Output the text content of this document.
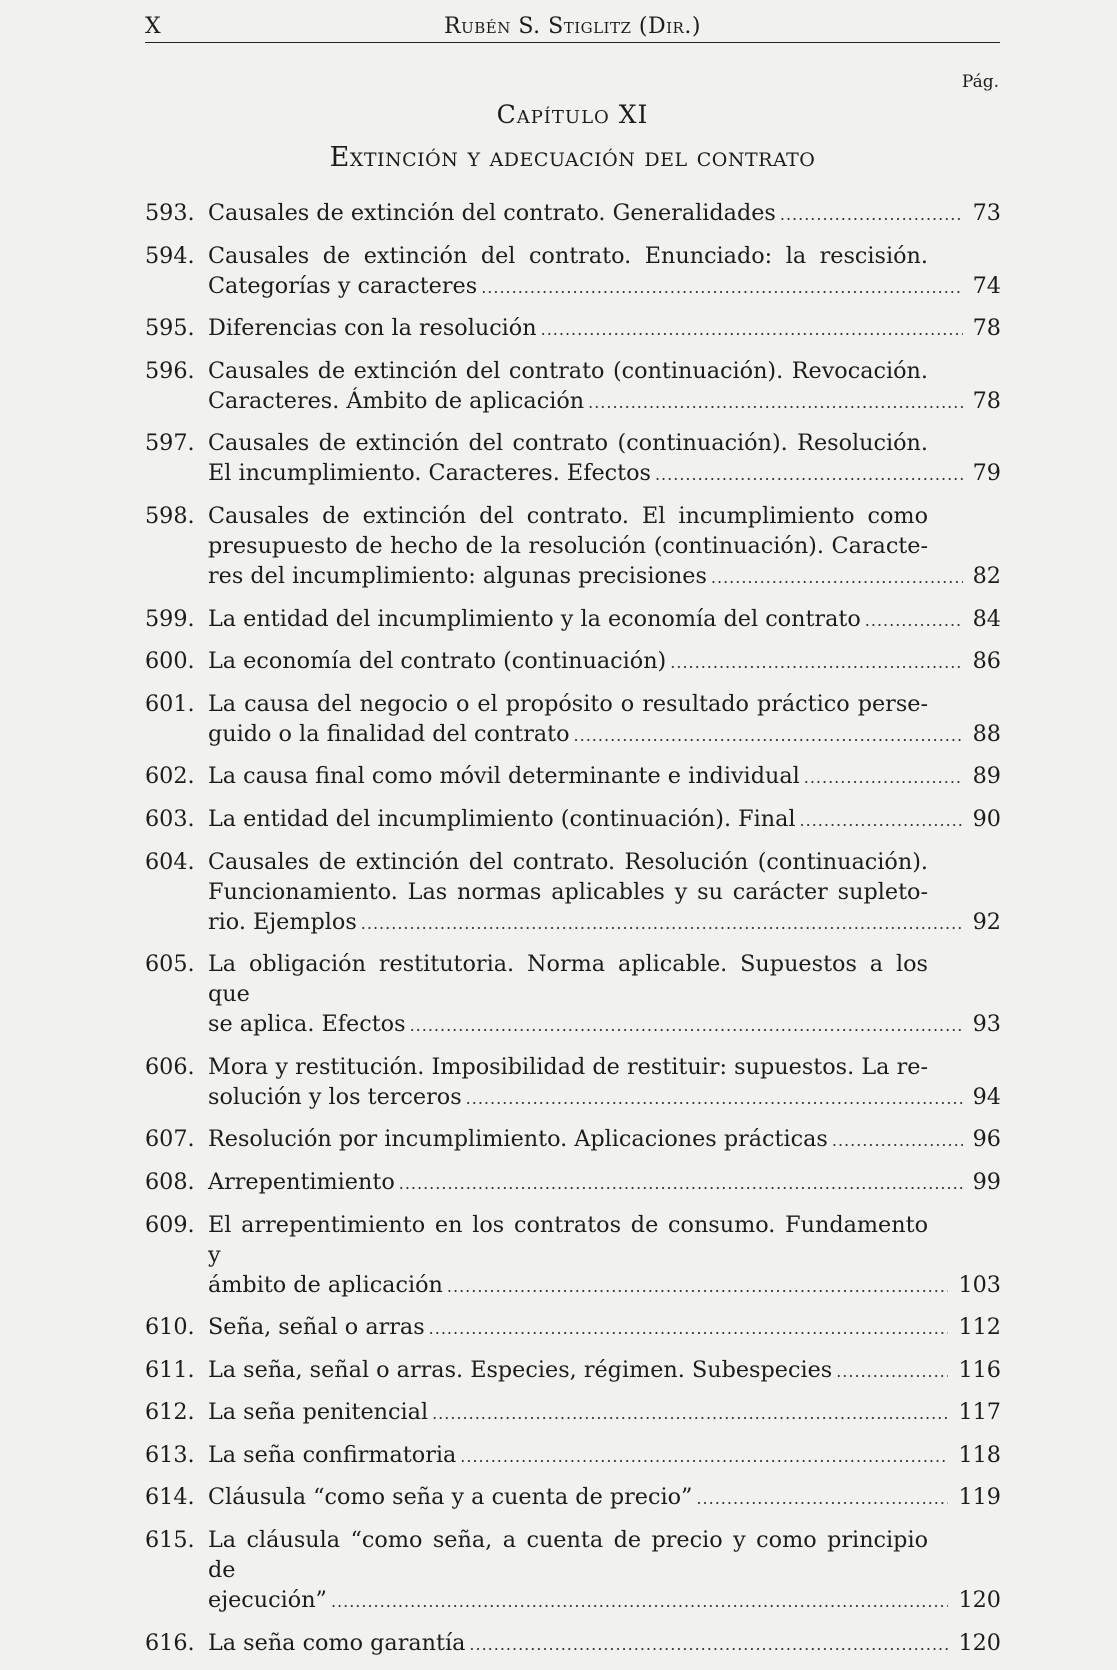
X	Rubén S. Stiglitz (Dir.)
Pág.
Capítulo XI
Extinción y adecuación del contrato
593. Causales de extinción del contrato. Generalidades .....	73
594. Causales de extinción del contrato. Enunciado: la rescisión.
Categorías y caracteres .....	74
595. Diferencias con la resolución .....	78
596. Causales de extinción del contrato (continuación). Revocación.
Caracteres. Ámbito de aplicación .....	78
597. Causales de extinción del contrato (continuación). Resolución.
El incumplimiento. Caracteres. Efectos .....	79
598. Causales de extinción del contrato. El incumplimiento como
presupuesto de hecho de la resolución (continuación). Caracte-
res del incumplimiento: algunas precisiones .....	82
599. La entidad del incumplimiento y la economía del contrato .....	84
600. La economía del contrato (continuación) .....	86
601. La causa del negocio o el propósito o resultado práctico perse-
guido o la finalidad del contrato .....	88
602. La causa final como móvil determinante e individual .....	89
603. La entidad del incumplimiento (continuación). Final .....	90
604. Causales de extinción del contrato. Resolución (continuación).
Funcionamiento. Las normas aplicables y su carácter supleto-
rio. Ejemplos .....	92
605. La obligación restitutoria. Norma aplicable. Supuestos a los que
se aplica. Efectos .....	93
606. Mora y restitución. Imposibilidad de restituir: supuestos. La re-
solución y los terceros .....	94
607. Resolución por incumplimiento. Aplicaciones prácticas .....	96
608. Arrepentimiento .....	99
609. El arrepentimiento en los contratos de consumo. Fundamento y
ámbito de aplicación .....	103
610. Seña, señal o arras .....	112
611. La seña, señal o arras. Especies, régimen. Subespecies .....	116
612. La seña penitencial .....	117
613. La seña confirmatoria .....	118
614. Cláusula “como seña y a cuenta de precio” .....	119
615. La cláusula “como seña, a cuenta de precio y como principio de
ejecución” .....	120
616. La seña como garantía .....	120
